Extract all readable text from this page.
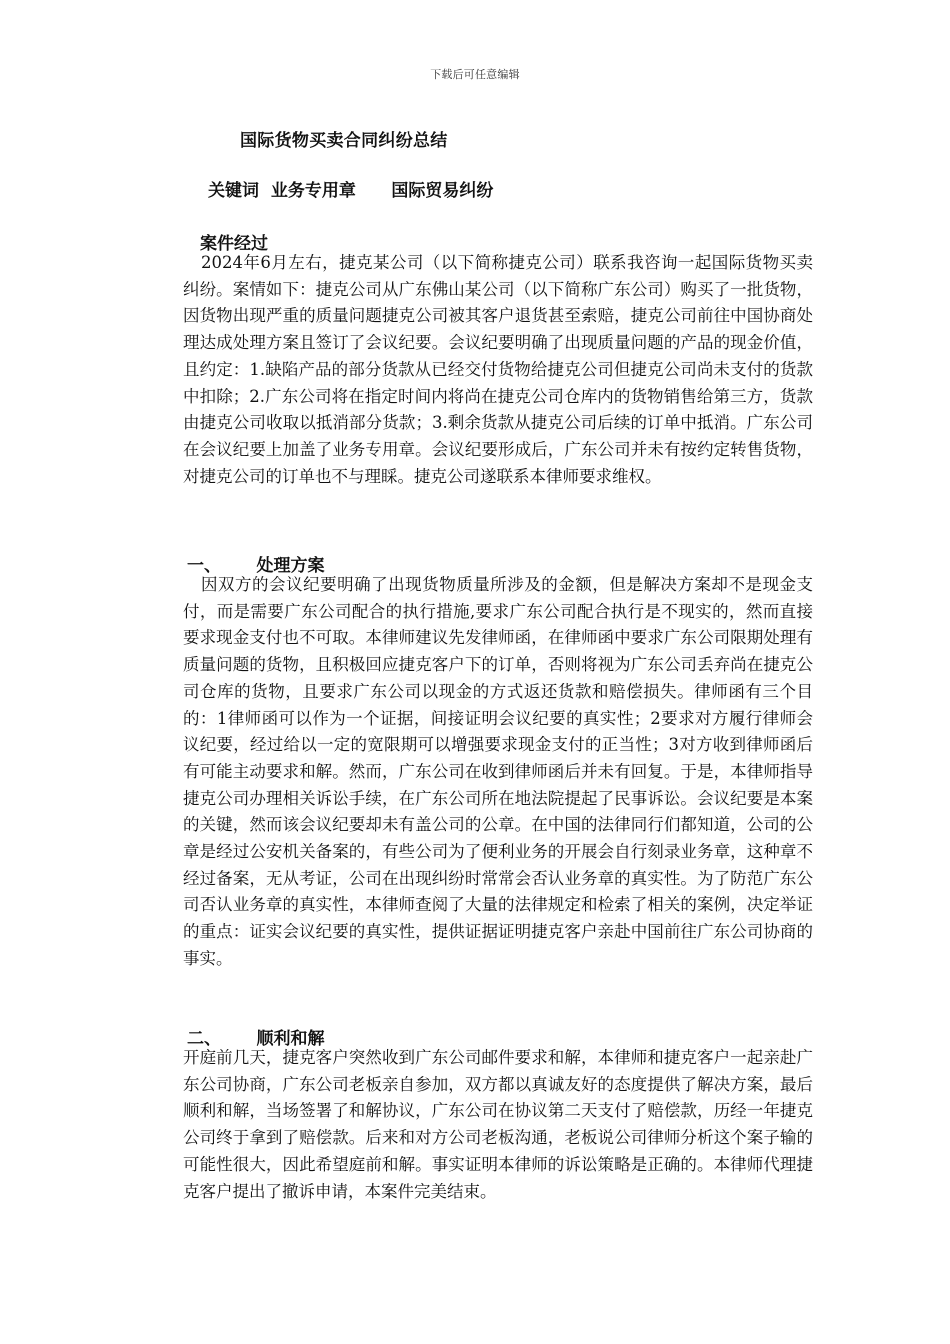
下载后可任意编辑
国际货物买卖合同纠纷总结
关键词 业务专用章      国际贸易纠纷
案件经过

2024年6月左右，捷克某公司（以下简称捷克公司）联系我咨询一起国际货物买卖纠纷。案情如下：捷克公司从广东佛山某公司（以下简称广东公司）购买了一批货物，因货物出现严重的质量问题捷克公司被其客户退货甚至索赔，捷克公司前往中国协商处理达成处理方案且签订了会议纪要。会议纪要明确了出现质量问题的产品的现金价值，且约定：1.缺陷产品的部分货款从已经交付货物给捷克公司但捷克公司尚未支付的货款中扣除；2.广东公司将在指定时间内将尚在捷克公司仓库内的货物销售给第三方，货款由捷克公司收取以抵消部分货款；3.剩余货款从捷克公司后续的订单中抵消。广东公司在会议纪要上加盖了业务专用章。会议纪要形成后，广东公司并未有按约定转售货物，对捷克公司的订单也不与理睬。捷克公司遂联系本律师要求维权。

一、 处理方案

因双方的会议纪要明确了出现货物质量所涉及的金额，但是解决方案却不是现金支付，而是需要广东公司配合的执行措施,要求广东公司配合执行是不现实的，然而直接要求现金支付也不可取。本律师建议先发律师函，在律师函中要求广东公司限期处理有质量问题的货物，且积极回应捷克客户下的订单，否则将视为广东公司丢弃尚在捷克公司仓库的货物，且要求广东公司以现金的方式返还货款和赔偿损失。律师函有三个目的：1律师函可以作为一个证据，间接证明会议纪要的真实性；2要求对方履行律师会议纪要，经过给以一定的宽限期可以增强要求现金支付的正当性；3对方收到律师函后有可能主动要求和解。然而，广东公司在收到律师函后并未有回复。于是，本律师指导捷克公司办理相关诉讼手续，在广东公司所在地法院提起了民事诉讼。会议纪要是本案的关键，然而该会议纪要却未有盖公司的公章。在中国的法律同行们都知道，公司的公章是经过公安机关备案的，有些公司为了便利业务的开展会自行刻录业务章，这种章不经过备案，无从考证，公司在出现纠纷时常常会否认业务章的真实性。为了防范广东公司否认业务章的真实性，本律师查阅了大量的法律规定和检索了相关的案例，决定举证的重点：证实会议纪要的真实性，提供证据证明捷克客户亲赴中国前往广东公司协商的事实。

二、 顺利和解

开庭前几天，捷克客户突然收到广东公司邮件要求和解，本律师和捷克客户一起亲赴广东公司协商，广东公司老板亲自参加，双方都以真诚友好的态度提供了解决方案，最后顺利和解，当场签署了和解协议，广东公司在协议第二天支付了赔偿款，历经一年捷克公司终于拿到了赔偿款。后来和对方公司老板沟通，老板说公司律师分析这个案子输的可能性很大，因此希望庭前和解。事实证明本律师的诉讼策略是正确的。本律师代理捷克客户提出了撤诉申请，本案件完美结束。
